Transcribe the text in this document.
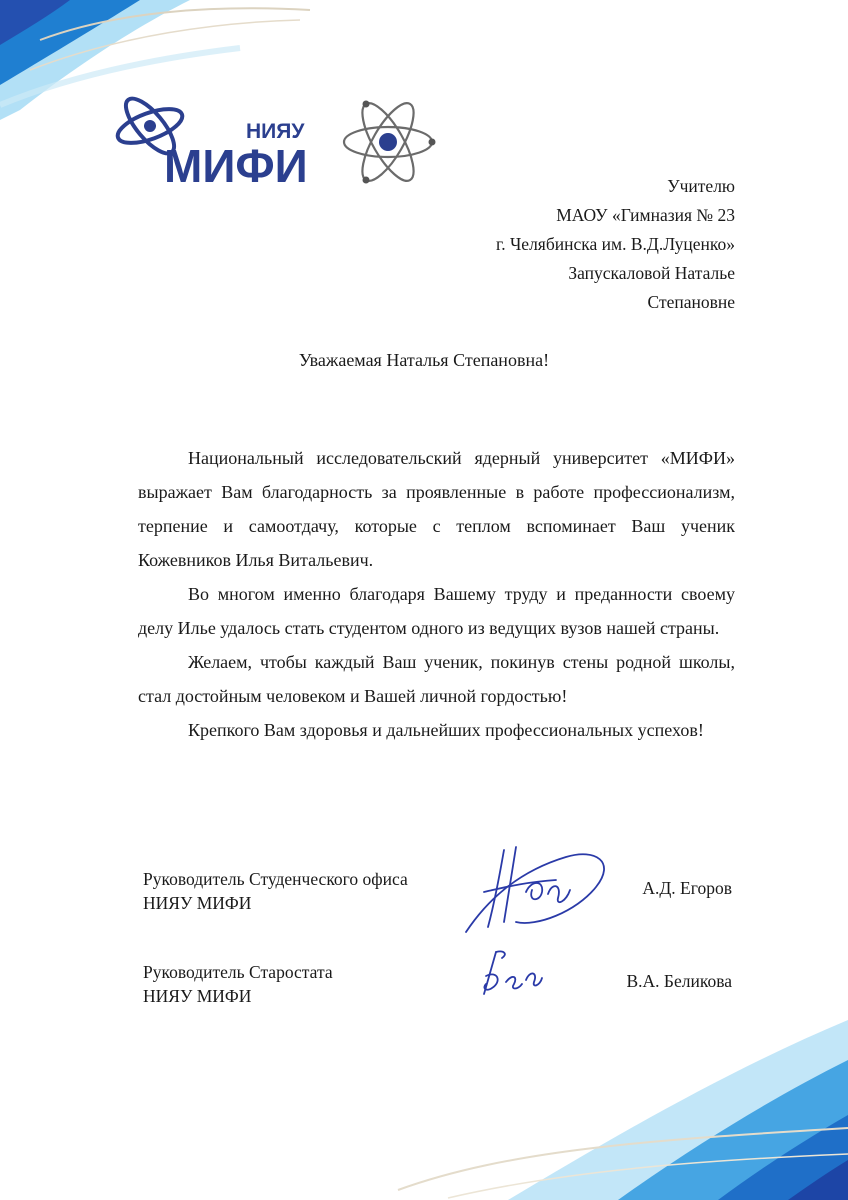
НИЯУ
МИФИ	Учителю
МАОУ «Гимназия № 23
г. Челябинска им. В.Д.Луценко»
Запускаловой Наталье
Степановне
Уважаемая Наталья Степановна!

Национальный исследовательский ядерный университет «МИФИ» выражает Вам благодарность за проявленные в работе профессионализм, терпение и самоотдачу, которые с теплом вспоминает Ваш ученик Кожевников Илья Витальевич.

Во многом именно благодаря Вашему труду и преданности своему делу Илье удалось стать студентом одного из ведущих вузов нашей страны.

Желаем, чтобы каждый Ваш ученик, покинув стены родной школы, стал достойным человеком и Вашей личной гордостью!

Крепкого Вам здоровья и дальнейших профессиональных успехов!

Руководитель Студенческого офиса
НИЯУ МИФИ
А.Д. Егоров
Руководитель Старостата
НИЯУ МИФИ
В.А. Беликова
